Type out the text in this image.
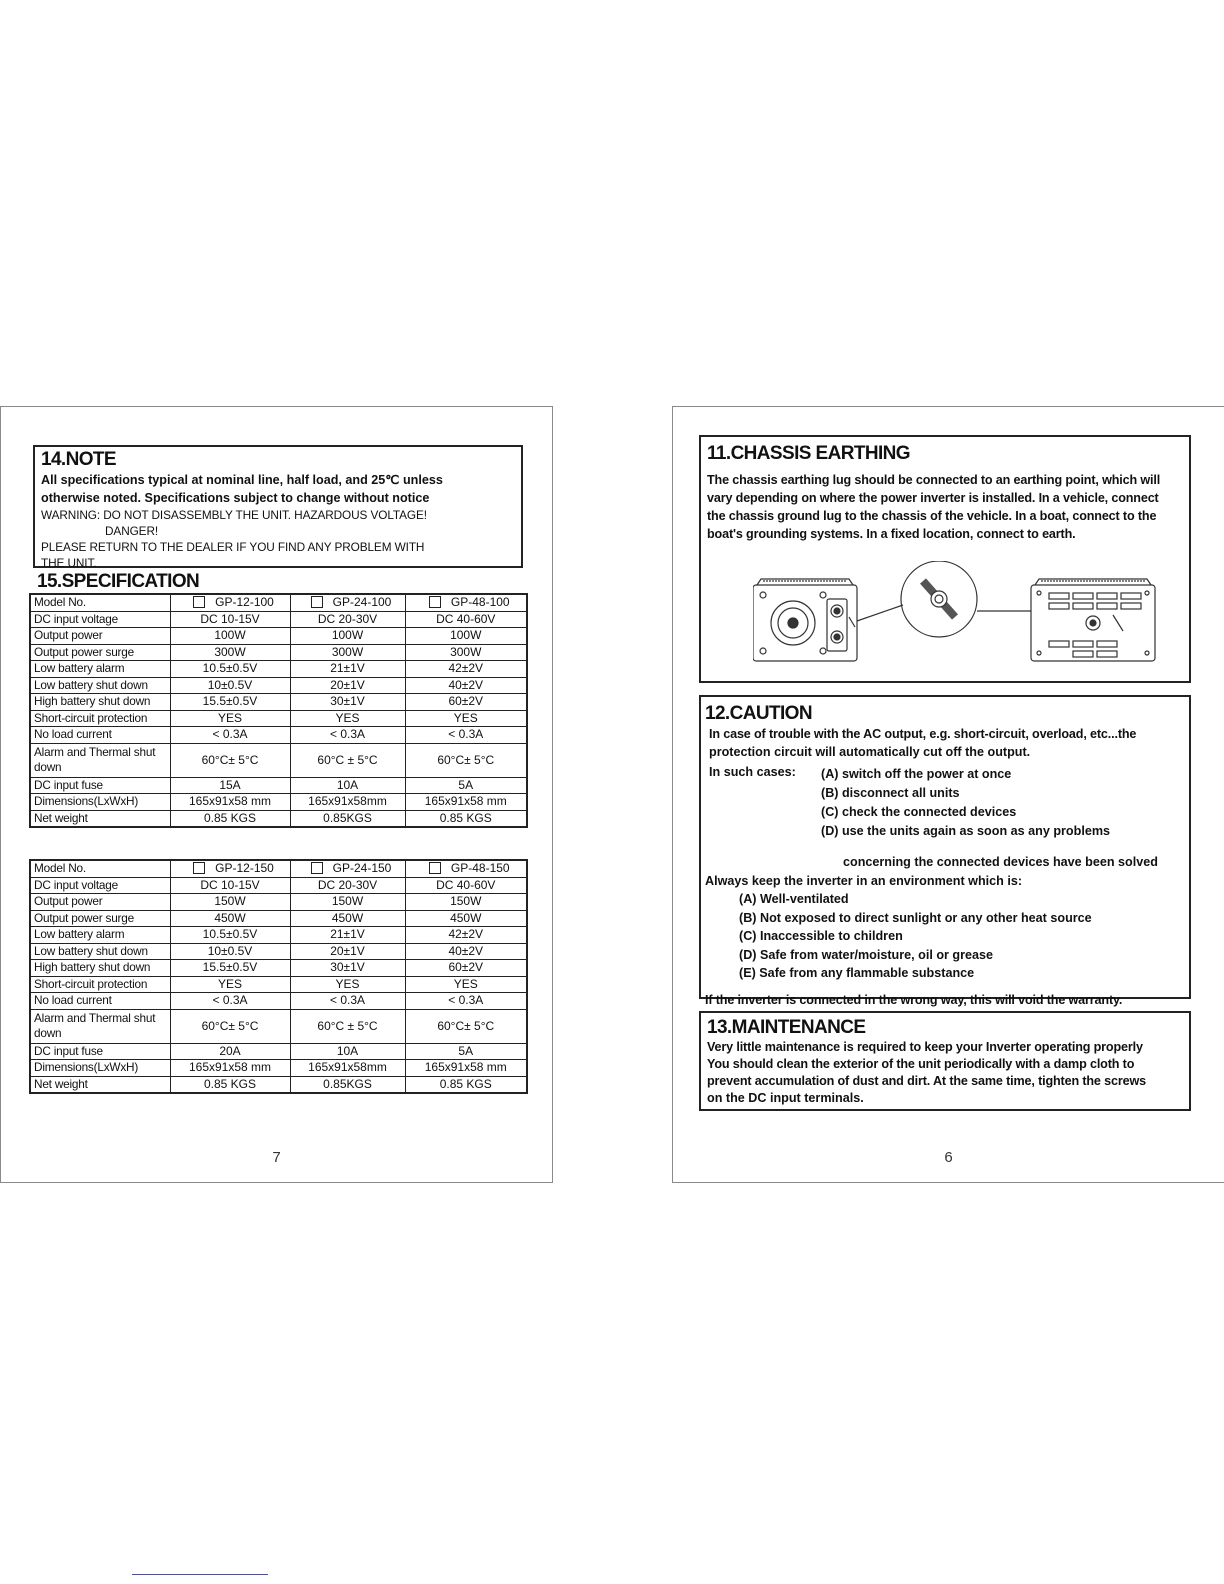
14.NOTE
All specifications typical at nominal line, half load, and 25℃ unless
otherwise noted. Specifications subject to change without notice
WARNING: DO NOT DISASSEMBLY THE UNIT. HAZARDOUS VOLTAGE!
DANGER!
PLEASE RETURN TO THE DEALER IF YOU FIND ANY PROBLEM WITH
THE UNIT.
15.SPECIFICATION
Model No.	GP-12-100	GP-24-100	GP-48-100
DC input voltage	DC 10-15V	DC 20-30V	DC 40-60V
Output power	100W	100W	100W
Output power surge	300W	300W	300W
Low battery alarm	10.5±0.5V	21±1V	42±2V
Low battery shut down	10±0.5V	20±1V	40±2V
High battery shut down	15.5±0.5V	30±1V	60±2V
Short-circuit protection	YES	YES	YES
No load current	< 0.3A	< 0.3A	< 0.3A
Alarm and Thermal shut down	60°C± 5°C	60°C ± 5°C	60°C± 5°C
DC input fuse	15A	10A	5A
Dimensions(LxWxH)	165x91x58 mm	165x91x58mm	165x91x58 mm
Net weight	0.85 KGS	0.85KGS	0.85 KGS
Model No.	GP-12-150	GP-24-150	GP-48-150
DC input voltage	DC 10-15V	DC 20-30V	DC 40-60V
Output power	150W	150W	150W
Output power surge	450W	450W	450W
Low battery alarm	10.5±0.5V	21±1V	42±2V
Low battery shut down	10±0.5V	20±1V	40±2V
High battery shut down	15.5±0.5V	30±1V	60±2V
Short-circuit protection	YES	YES	YES
No load current	< 0.3A	< 0.3A	< 0.3A
Alarm and Thermal shut down	60°C± 5°C	60°C ± 5°C	60°C± 5°C
DC input fuse	20A	10A	5A
Dimensions(LxWxH)	165x91x58 mm	165x91x58mm	165x91x58 mm
Net weight	0.85 KGS	0.85KGS	0.85 KGS
7
11.CHASSIS EARTHING
The chassis earthing lug should be connected to an earthing point, which will
vary depending on where the power inverter is installed. In a vehicle, connect
the chassis ground lug to the chassis of the vehicle. In a boat, connect to the
boat's grounding systems. In a fixed location, connect to earth.
12.CAUTION
In case of trouble with the AC output, e.g. short-circuit, overload, etc...the
protection circuit will automatically cut off the output.
In such cases: (A) switch off the power at once
(B) disconnect all units
(C) check the connected devices
(D) use the units again as soon as any problems
concerning the connected devices have been solved
Always keep the inverter in an environment which is:
(A) Well-ventilated
(B) Not exposed to direct sunlight or any other heat source
(C) Inaccessible to children
(D) Safe from water/moisture, oil or grease
(E) Safe from any flammable substance
If the inverter is connected in the wrong way, this will void the warranty.
13.MAINTENANCE
Very little maintenance is required to keep your Inverter operating properly
You should clean the exterior of the unit periodically with a damp cloth to
prevent accumulation of dust and dirt. At the same time, tighten the screws
on the DC input terminals.
6
